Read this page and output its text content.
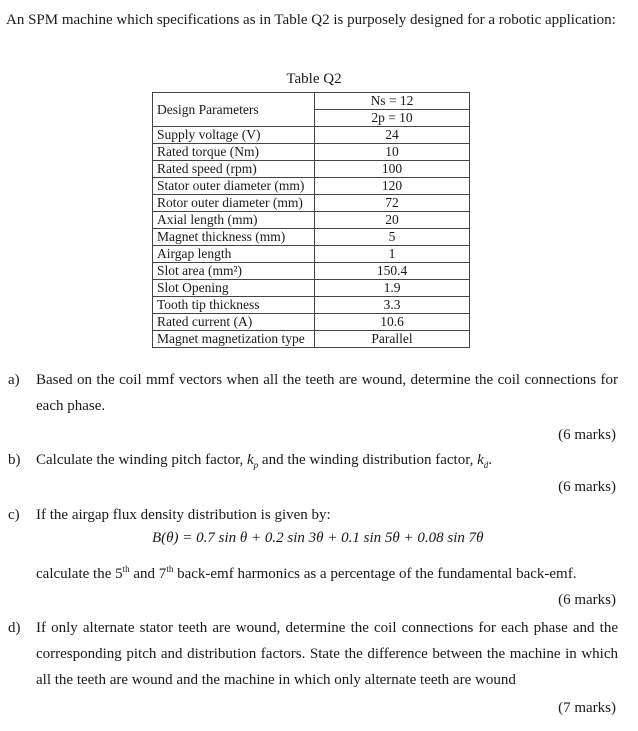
An SPM machine which specifications as in Table Q2 is purposely designed for a robotic application:
Table Q2
Design Parameters	Ns = 12
	2p = 10
Supply voltage (V)	24
Rated torque (Nm)	10
Rated speed (rpm)	100
Stator outer diameter (mm)	120
Rotor outer diameter (mm)	72
Axial length (mm)	20
Magnet thickness (mm)	5
Airgap length	1
Slot area (mm²)	150.4
Slot Opening	1.9
Tooth tip thickness	3.3
Rated current (A)	10.6
Magnet magnetization type	Parallel
a) Based on the coil mmf vectors when all the teeth are wound, determine the coil connections for each phase.
(6 marks)
b) Calculate the winding pitch factor, $k_p$ and the winding distribution factor, $k_d$.
(6 marks)
c) If the airgap flux density distribution is given by:
B(θ) = 0.7 sin θ + 0.2 sin 3θ + 0.1 sin 5θ + 0.08 sin 7θ
calculate the 5th and 7th back-emf harmonics as a percentage of the fundamental back-emf.
(6 marks)
d) If only alternate stator teeth are wound, determine the coil connections for each phase and the corresponding pitch and distribution factors. State the difference between the machine in which all the teeth are wound and the machine in which only alternate teeth are wound
(7 marks)
